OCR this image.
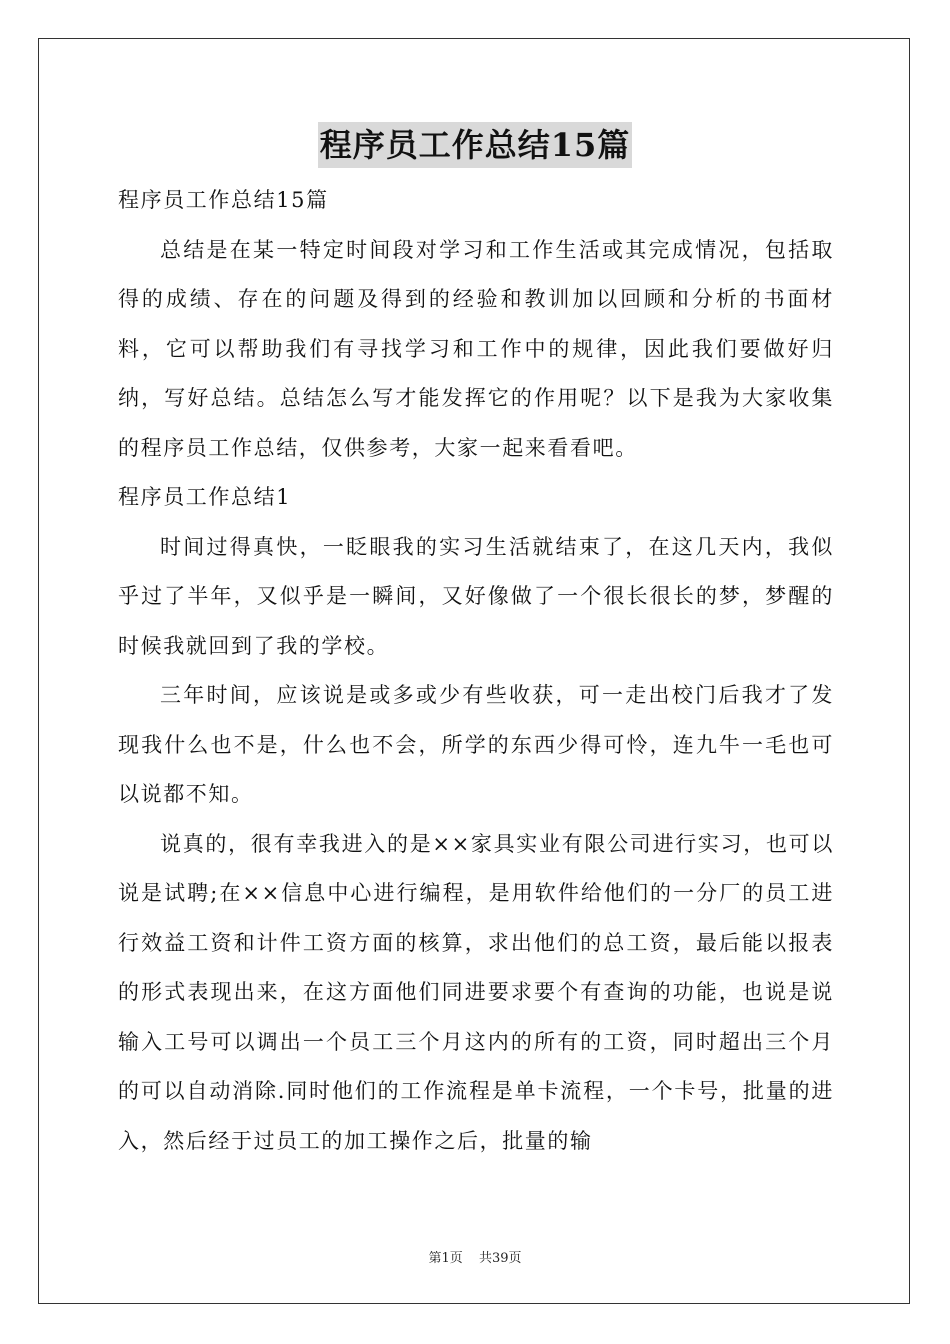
程序员工作总结15篇

程序员工作总结15篇

总结是在某一特定时间段对学习和工作生活或其完成情况，包括取得的成绩、存在的问题及得到的经验和教训加以回顾和分析的书面材料，它可以帮助我们有寻找学习和工作中的规律，因此我们要做好归纳，写好总结。总结怎么写才能发挥它的作用呢？以下是我为大家收集的程序员工作总结，仅供参考，大家一起来看看吧。

程序员工作总结1

时间过得真快，一眨眼我的实习生活就结束了，在这几天内，我似乎过了半年，又似乎是一瞬间，又好像做了一个很长很长的梦，梦醒的时候我就回到了我的学校。

三年时间，应该说是或多或少有些收获，可一走出校门后我才了发现我什么也不是，什么也不会，所学的东西少得可怜，连九牛一毛也可以说都不知。

说真的，很有幸我进入的是××家具实业有限公司进行实习，也可以说是试聘;在××信息中心进行编程，是用软件给他们的一分厂的员工进行效益工资和计件工资方面的核算，求出他们的总工资，最后能以报表的形式表现出来，在这方面他们同进要求要个有查询的功能，也说是说输入工号可以调出一个员工三个月这内的所有的工资，同时超出三个月的可以自动消除.同时他们的工作流程是单卡流程，一个卡号，批量的进入，然后经于过员工的加工操作之后，批量的输

第1页 共39页
